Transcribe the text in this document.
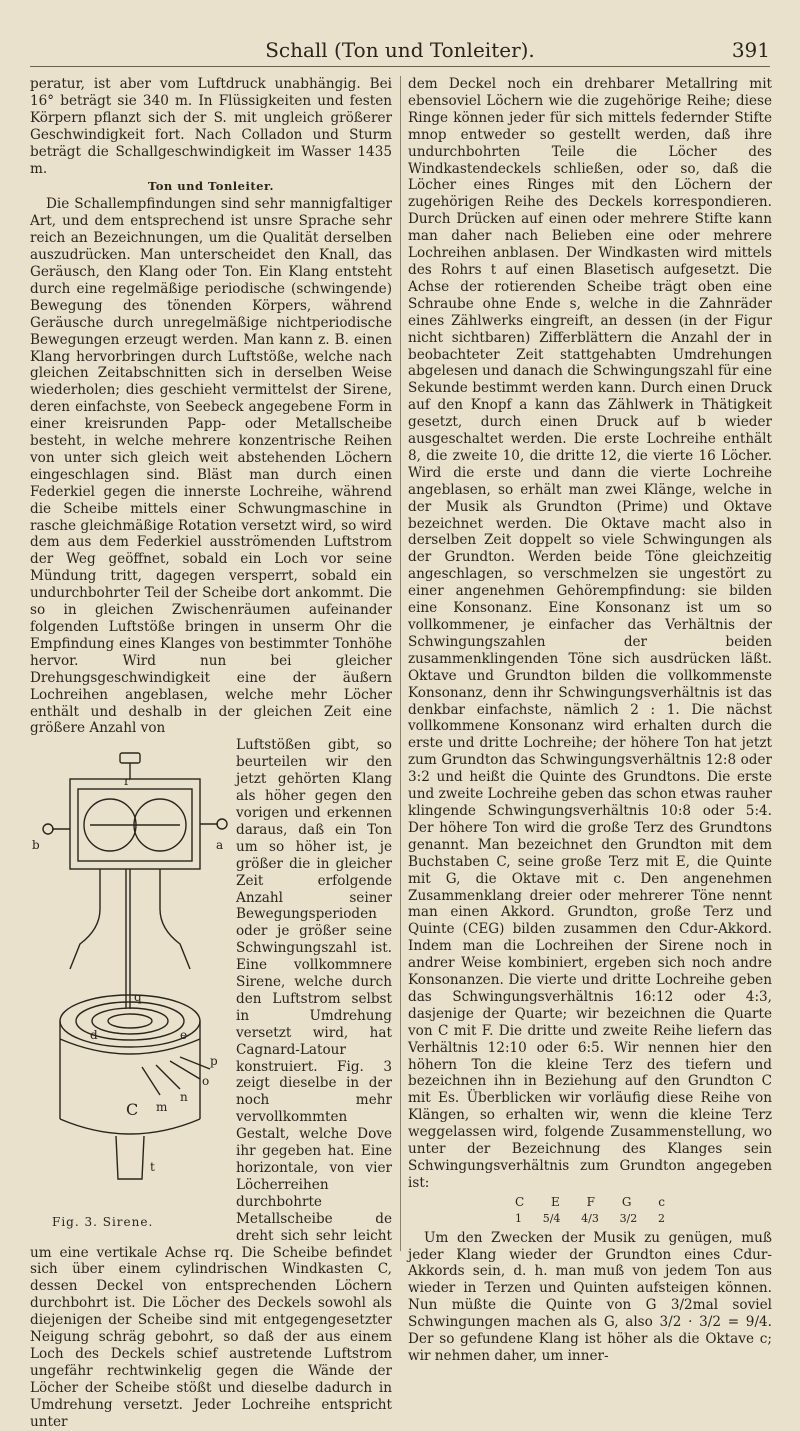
Schall (Ton und Tonleiter).	391

peratur, ist aber vom Luftdruck unabhängig. Bei 16° beträgt sie 340 m. In Flüssigkeiten und festen Körpern pflanzt sich der S. mit ungleich größerer Geschwindigkeit fort. Nach Colladon und Sturm beträgt die Schallgeschwindigkeit im Wasser 1435 m.

Ton und Tonleiter.

Die Schallempfindungen sind sehr mannigfaltiger Art, und dem entsprechend ist unsre Sprache sehr reich an Bezeichnungen, um die Qualität derselben auszudrücken. Man unterscheidet den Knall, das Geräusch, den Klang oder Ton. Ein Klang entsteht durch eine regelmäßige periodische (schwingende) Bewegung des tönenden Körpers, während Geräusche durch unregelmäßige nichtperiodische Bewegungen erzeugt werden. Man kann z. B. einen Klang hervorbringen durch Luftstöße, welche nach gleichen Zeitabschnitten sich in derselben Weise wiederholen; dies geschieht vermittelst der Sirene, deren einfachste, von Seebeck angegebene Form in einer kreisrunden Papp- oder Metallscheibe besteht, in welche mehrere konzentrische Reihen von unter sich gleich weit abstehenden Löchern eingeschlagen sind. Bläst man durch einen Federkiel gegen die innerste Lochreihe, während die Scheibe mittels einer Schwungmaschine in rasche gleichmäßige Rotation versetzt wird, so wird dem aus dem Federkiel ausströmenden Luftstrom der Weg geöffnet, sobald ein Loch vor seine Mündung tritt, dagegen versperrt, sobald ein undurchbohrter Teil der Scheibe dort ankommt. Die so in gleichen Zwischenräumen aufeinander folgenden Luftstöße bringen in unserm Ohr die Empfindung eines Klanges von bestimmter Tonhöhe hervor. Wird nun bei gleicher Drehungsgeschwindigkeit eine der äußern Lochreihen angeblasen, welche mehr Löcher enthält und deshalb in der gleichen Zeit eine größere Anzahl von

r
b	a
d
q
e
p
o
n
m
C
t
Fig. 3. Sirene.

Luftstößen gibt, so beurteilen wir den jetzt gehörten Klang als höher gegen den vorigen und erkennen daraus, daß ein Ton um so höher ist, je größer die in gleicher Zeit erfolgende Anzahl seiner Bewegungsperioden oder je größer seine Schwingungszahl ist. Eine vollkommnere Sirene, welche durch den Luftstrom selbst in Umdrehung versetzt wird, hat Cagnard-Latour konstruiert. Fig. 3 zeigt dieselbe in der noch mehr vervollkommten Gestalt, welche Dove ihr gegeben hat. Eine horizontale, von vier Löcherreihen durchbohrte Metallscheibe de dreht sich sehr leicht um eine vertikale Achse rq. Die Scheibe befindet sich über einem cylindrischen Windkasten C, dessen Deckel von entsprechenden Löchern durchbohrt ist. Die Löcher des Deckels sowohl als diejenigen der Scheibe sind mit entgegengesetzter Neigung schräg gebohrt, so daß der aus einem Loch des Deckels schief austretende Luftstrom ungefähr rechtwinkelig gegen die Wände der Löcher der Scheibe stößt und dieselbe dadurch in Umdrehung versetzt. Jeder Lochreihe entspricht unter

dem Deckel noch ein drehbarer Metallring mit ebensoviel Löchern wie die zugehörige Reihe; diese Ringe können jeder für sich mittels federnder Stifte mnop entweder so gestellt werden, daß ihre undurchbohrten Teile die Löcher des Windkastendeckels schließen, oder so, daß die Löcher eines Ringes mit den Löchern der zugehörigen Reihe des Deckels korrespondieren. Durch Drücken auf einen oder mehrere Stifte kann man daher nach Belieben eine oder mehrere Lochreihen anblasen. Der Windkasten wird mittels des Rohrs t auf einen Blasetisch aufgesetzt. Die Achse der rotierenden Scheibe trägt oben eine Schraube ohne Ende s, welche in die Zahnräder eines Zählwerks eingreift, an dessen (in der Figur nicht sichtbaren) Zifferblättern die Anzahl der in beobachteter Zeit stattgehabten Umdrehungen abgelesen und danach die Schwingungszahl für eine Sekunde bestimmt werden kann. Durch einen Druck auf den Knopf a kann das Zählwerk in Thätigkeit gesetzt, durch einen Druck auf b wieder ausgeschaltet werden. Die erste Lochreihe enthält 8, die zweite 10, die dritte 12, die vierte 16 Löcher. Wird die erste und dann die vierte Lochreihe angeblasen, so erhält man zwei Klänge, welche in der Musik als Grundton (Prime) und Oktave bezeichnet werden. Die Oktave macht also in derselben Zeit doppelt so viele Schwingungen als der Grundton. Werden beide Töne gleichzeitig angeschlagen, so verschmelzen sie ungestört zu einer angenehmen Gehörempfindung: sie bilden eine Konsonanz. Eine Konsonanz ist um so vollkommener, je einfacher das Verhältnis der Schwingungszahlen der beiden zusammenklingenden Töne sich ausdrücken läßt. Oktave und Grundton bilden die vollkommenste Konsonanz, denn ihr Schwingungsverhältnis ist das denkbar einfachste, nämlich 2 : 1. Die nächst vollkommene Konsonanz wird erhalten durch die erste und dritte Lochreihe; der höhere Ton hat jetzt zum Grundton das Schwingungsverhältnis 12:8 oder 3:2 und heißt die Quinte des Grundtons. Die erste und zweite Lochreihe geben das schon etwas rauher klingende Schwingungsverhältnis 10:8 oder 5:4. Der höhere Ton wird die große Terz des Grundtons genannt. Man bezeichnet den Grundton mit dem Buchstaben C, seine große Terz mit E, die Quinte mit G, die Oktave mit c. Den angenehmen Zusammenklang dreier oder mehrerer Töne nennt man einen Akkord. Grundton, große Terz und Quinte (CEG) bilden zusammen den Cdur-Akkord. Indem man die Lochreihen der Sirene noch in andrer Weise kombiniert, ergeben sich noch andre Konsonanzen. Die vierte und dritte Lochreihe geben das Schwingungsverhältnis 16:12 oder 4:3, dasjenige der Quarte; wir bezeichnen die Quarte von C mit F. Die dritte und zweite Reihe liefern das Verhältnis 12:10 oder 6:5. Wir nennen hier den höhern Ton die kleine Terz des tiefern und bezeichnen ihn in Beziehung auf den Grundton C mit Es. Überblicken wir vorläufig diese Reihe von Klängen, so erhalten wir, wenn die kleine Terz weggelassen wird, folgende Zusammenstellung, wo unter der Bezeichnung des Klanges sein Schwingungsverhältnis zum Grundton angegeben ist:

C E F G c
1 5/4 4/3 3/2 2

Um den Zwecken der Musik zu genügen, muß jeder Klang wieder der Grundton eines Cdur-Akkords sein, d. h. man muß von jedem Ton aus wieder in Terzen und Quinten aufsteigen können. Nun müßte die Quinte von G 3/2mal soviel Schwingungen machen als G, also 3/2 · 3/2 = 9/4. Der so gefundene Klang ist höher als die Oktave c; wir nehmen daher, um inner-
